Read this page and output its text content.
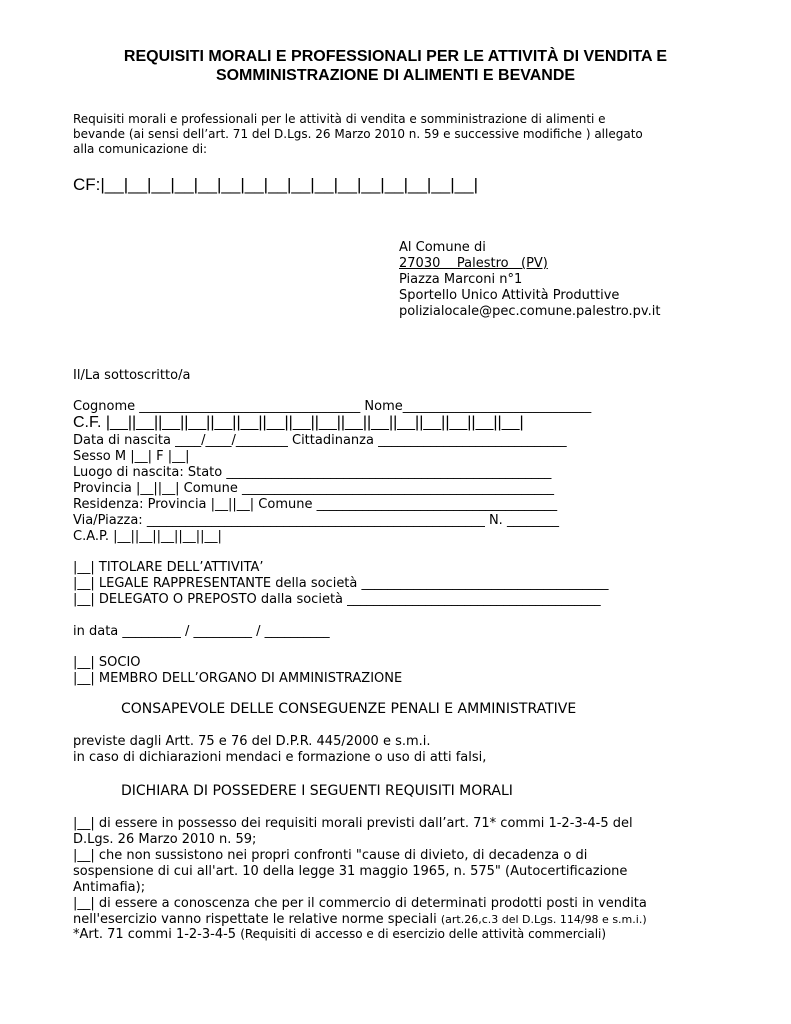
REQUISITI MORALI E PROFESSIONALI PER LE ATTIVITÀ DI VENDITA E
SOMMINISTRAZIONE DI ALIMENTI E BEVANDE
Requisiti morali e professionali per le attività di vendita e somministrazione di alimenti e
bevande (ai sensi dell’art. 71 del D.Lgs. 26 Marzo 2010 n. 59 e successive modifiche ) allegato
alla comunicazione di:
CF:|__|__|__|__|__|__|__|__|__|__|__|__|__|__|__|__|
Al Comune di
27030    Palestro   (PV)
Piazza Marconi n°1
Sportello Unico Attività Produttive
polizialocale@pec.comune.palestro.pv.it
Il/La sottoscritto/a
Cognome __________________________________ Nome_____________________________
C.F. |__||__||__||__||__||__||__||__||__||__||__||__||__||__||__||__|
Data di nascita ____/____/________ Cittadinanza _____________________________
Sesso M |__| F |__|
Luogo di nascita: Stato __________________________________________________
Provincia |__||__| Comune ________________________________________________
Residenza: Provincia |__||__| Comune _____________________________________
Via/Piazza: ____________________________________________________ N. ________
C.A.P. |__||__||__||__||__|
|__| TITOLARE DELL’ATTIVITA’
|__| LEGALE RAPPRESENTANTE della società ______________________________________
|__| DELEGATO O PREPOSTO dalla società _______________________________________
in data _________ / _________ / __________
|__| SOCIO
|__| MEMBRO DELL’ORGANO DI AMMINISTRAZIONE
CONSAPEVOLE DELLE CONSEGUENZE PENALI E AMMINISTRATIVE
previste dagli Artt. 75 e 76 del D.P.R. 445/2000 e s.m.i.
in caso di dichiarazioni mendaci e formazione o uso di atti falsi,
DICHIARA DI POSSEDERE I SEGUENTI REQUISITI MORALI
|__| di essere in possesso dei requisiti morali previsti dall’art. 71* commi 1-2-3-4-5 del
D.Lgs. 26 Marzo 2010 n. 59;
|__| che non sussistono nei propri confronti "cause di divieto, di decadenza o di
sospensione di cui all'art. 10 della legge 31 maggio 1965, n. 575" (Autocertificazione
Antimafia);
|__| di essere a conoscenza che per il commercio di determinati prodotti posti in vendita
nell'esercizio vanno rispettate le relative norme speciali (art.26,c.3 del D.Lgs. 114/98 e s.m.i.)
*Art. 71 commi 1-2-3-4-5 (Requisiti di accesso e di esercizio delle attività commerciali)
